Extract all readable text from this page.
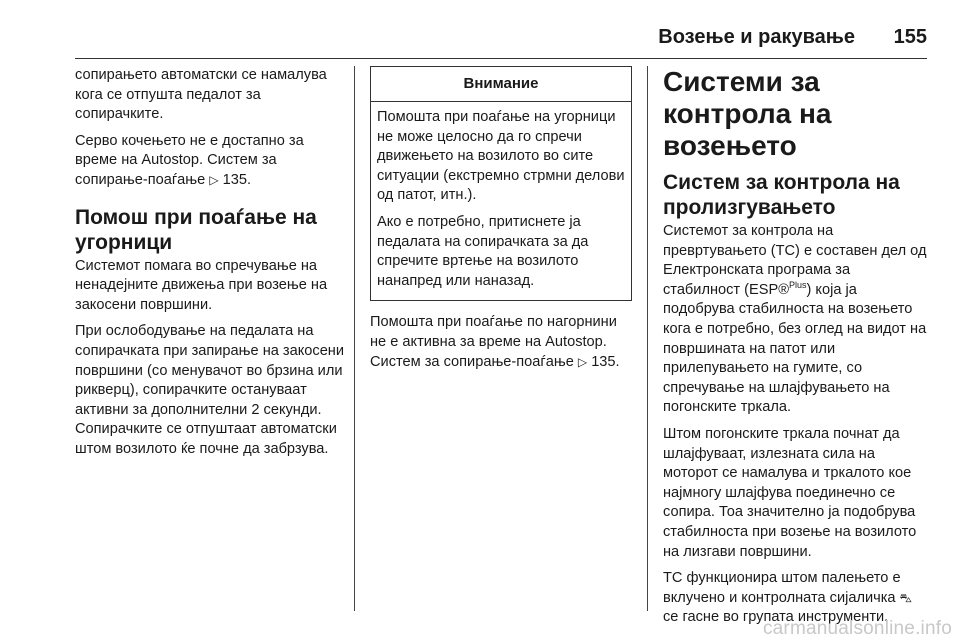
Возење и ракување 155

сопирањето автоматски се намалува кога се отпушта педалот за сопирачките.

Серво кочењето не е достапно за време на Autostop. Систем за сопирање-поаѓање ▷ 135.

Помош при поаѓање на угорници

Системот помага во спречување на ненадејните движења при возење на закосени површини.

При ослободување на педалата на сопирачката при запирање на закосени површини (со менувачот во брзина или рикверц), сопирачките остануваат активни за дополнителни 2 секунди. Сопирачките се отпуштаат автоматски штом возилото ќе почне да забрзува.

Внимание

Помошта при поаѓање на угорници не може целосно да го спречи движењето на возилото во сите ситуации (екстремно стрмни делови од патот, итн.).

Ако е потребно, притиснете ја педалата на сопирачката за да спречите вртење на возилото нанапред или наназад.

Помошта при поаѓање по нагорнини не е активна за време на Autostop. Систем за сопирање-поаѓање ▷ 135.

Системи за контрола на возењето
Систем за контрола на пролизгувањето

Системот за контрола на превртувањето (TC) е составен дел од Електронската програма за стабилност (ESP®$^{Plus}$) која ја подобрува стабилноста на возењето кога е потребно, без оглед на видот на површината на патот или прилепувањето на гумите, со спречување на шлајфувањето на погонските тркала.

Штом погонските тркала почнат да шлајфуваат, излезната сила на моторот се намалува и тркалото кое најмногу шлајфува поединечно се сопира. Тоа значително ја подобрува стабилноста при возење на возилото на лизгави површини.

TC функционира штом палењето е вклучено и контролната сијаличка ⛍ се гасне во групата инструменти.

carmanualsonline.info
